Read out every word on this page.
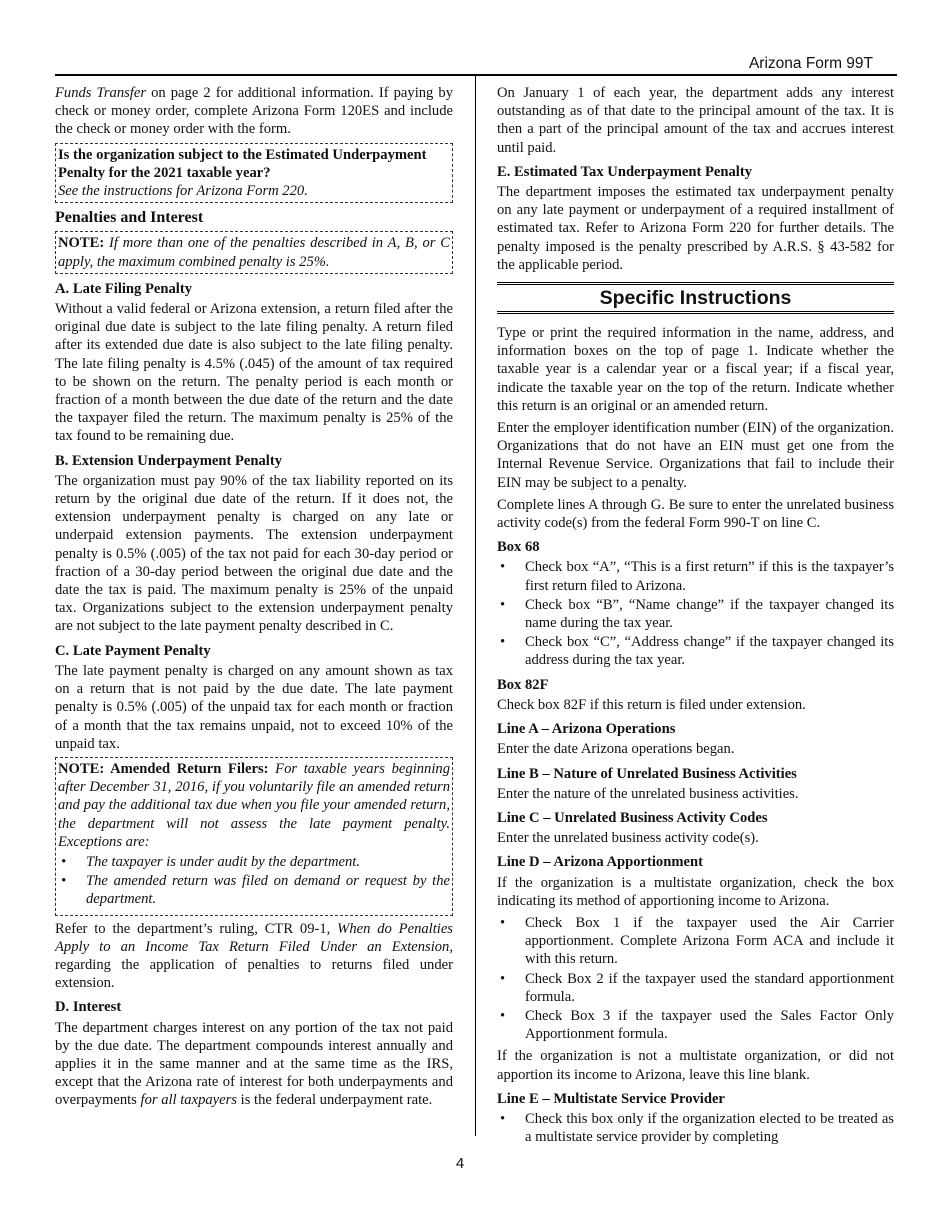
Arizona Form 99T

Funds Transfer on page 2 for additional information. If paying by check or money order, complete Arizona Form 120ES and include the check or money order with the form.

Is the organization subject to the Estimated Underpayment Penalty for the 2021 taxable year?
See the instructions for Arizona Form 220.
Penalties and Interest

NOTE: If more than one of the penalties described in A, B, or C apply, the maximum combined penalty is 25%.

A. Late Filing Penalty

Without a valid federal or Arizona extension, a return filed after the original due date is subject to the late filing penalty. A return filed after its extended due date is also subject to the late filing penalty. The late filing penalty is 4.5% (.045) of the amount of tax required to be shown on the return. The penalty period is each month or fraction of a month between the due date of the return and the date the taxpayer filed the return. The maximum penalty is 25% of the tax found to be remaining due.

B. Extension Underpayment Penalty

The organization must pay 90% of the tax liability reported on its return by the original due date of the return. If it does not, the extension underpayment penalty is charged on any late or underpaid extension payments. The extension underpayment penalty is 0.5% (.005) of the tax not paid for each 30-day period or fraction of a 30-day period between the original due date and the date the tax is paid. The maximum penalty is 25% of the unpaid tax. Organizations subject to the extension underpayment penalty are not subject to the late payment penalty described in C.

C. Late Payment Penalty

The late payment penalty is charged on any amount shown as tax on a return that is not paid by the due date. The late payment penalty is 0.5% (.005) of the unpaid tax for each month or fraction of a month that the tax remains unpaid, not to exceed 10% of the unpaid tax.

NOTE: Amended Return Filers: For taxable years beginning after December 31, 2016, if you voluntarily file an amended return and pay the additional tax due when you file your amended return, the department will not assess the late payment penalty. Exceptions are:

• The taxpayer is under audit by the department.
• The amended return was filed on demand or request by the department.

Refer to the department’s ruling, CTR 09-1, When do Penalties Apply to an Income Tax Return Filed Under an Extension, regarding the application of penalties to returns filed under extension.

D. Interest

The department charges interest on any portion of the tax not paid by the due date. The department compounds interest annually and applies it in the same manner and at the same time as the IRS, except that the Arizona rate of interest for both underpayments and overpayments for all taxpayers is the federal underpayment rate.

On January 1 of each year, the department adds any interest outstanding as of that date to the principal amount of the tax. It is then a part of the principal amount of the tax and accrues interest until paid.

E. Estimated Tax Underpayment Penalty

The department imposes the estimated tax underpayment penalty on any late payment or underpayment of a required installment of estimated tax. Refer to Arizona Form 220 for further details. The penalty imposed is the penalty prescribed by A.R.S. § 43-582 for the applicable period.

Specific Instructions

Type or print the required information in the name, address, and information boxes on the top of page 1. Indicate whether the taxable year is a calendar year or a fiscal year; if a fiscal year, indicate the taxable year on the top of the return. Indicate whether this return is an original or an amended return.

Enter the employer identification number (EIN) of the organization. Organizations that do not have an EIN must get one from the Internal Revenue Service. Organizations that fail to include their EIN may be subject to a penalty.

Complete lines A through G. Be sure to enter the unrelated business activity code(s) from the federal Form 990-T on line C.

Box 68
• Check box “A”, “This is a first return” if this is the taxpayer’s first return filed to Arizona.
• Check box “B”, “Name change” if the taxpayer changed its name during the tax year.
• Check box “C”, “Address change” if the taxpayer changed its address during the tax year.
Box 82F

Check box 82F if this return is filed under extension.

Line A – Arizona Operations

Enter the date Arizona operations began.

Line B – Nature of Unrelated Business Activities

Enter the nature of the unrelated business activities.

Line C – Unrelated Business Activity Codes

Enter the unrelated business activity code(s).

Line D – Arizona Apportionment

If the organization is a multistate organization, check the box indicating its method of apportioning income to Arizona.

• Check Box 1 if the taxpayer used the Air Carrier apportionment. Complete Arizona Form ACA and include it with this return.
• Check Box 2 if the taxpayer used the standard apportionment formula.
• Check Box 3 if the taxpayer used the Sales Factor Only Apportionment formula.

If the organization is not a multistate organization, or did not apportion its income to Arizona, leave this line blank.

Line E – Multistate Service Provider
• Check this box only if the organization elected to be treated as a multistate service provider by completing
4
